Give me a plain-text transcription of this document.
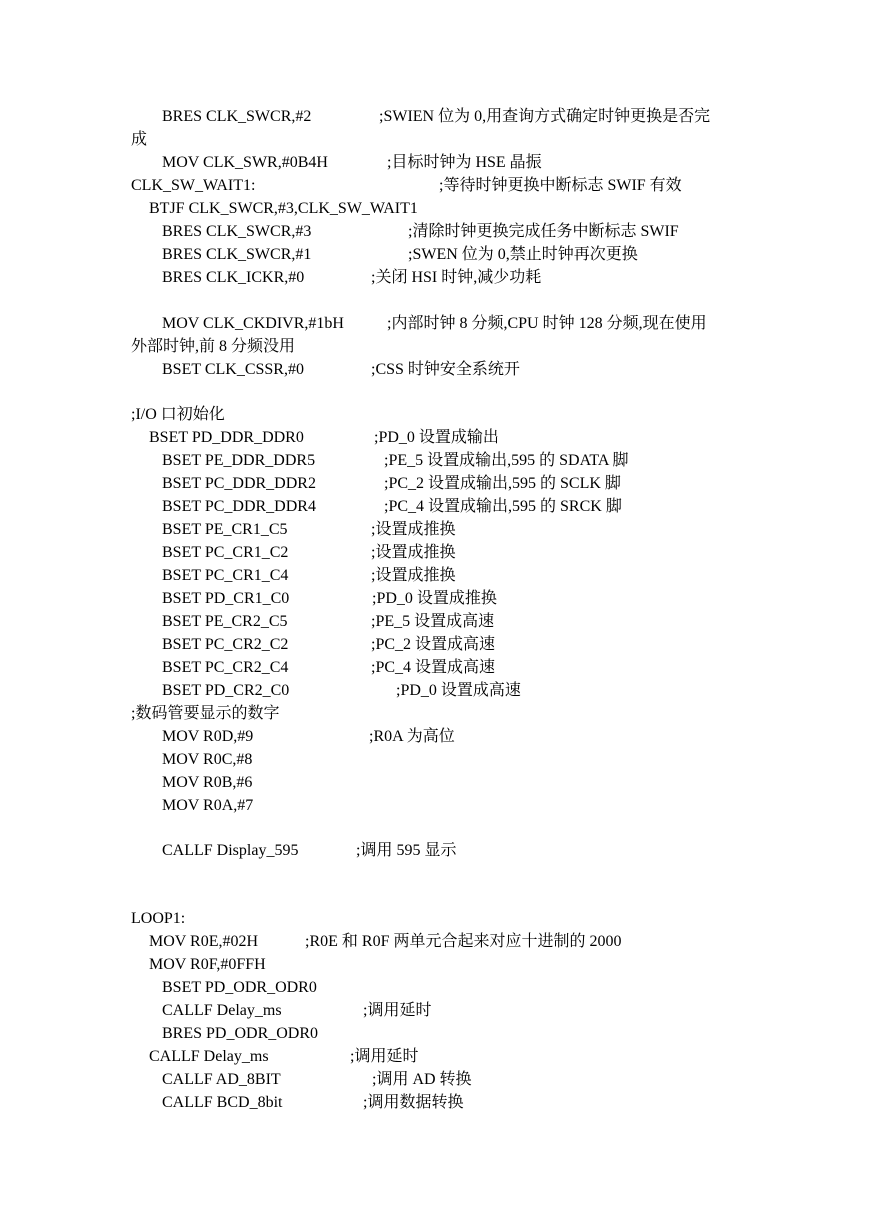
BRES CLK_SWCR,#2	;SWIEN 位为 0,用查询方式确定时钟更换是否完
成
MOV CLK_SWR,#0B4H	;目标时钟为 HSE 晶振
CLK_SW_WAIT1:	;等待时钟更换中断标志 SWIF 有效
BTJF CLK_SWCR,#3,CLK_SW_WAIT1
BRES CLK_SWCR,#3	;清除时钟更换完成任务中断标志 SWIF
BRES CLK_SWCR,#1	;SWEN 位为 0,禁止时钟再次更换
BRES CLK_ICKR,#0	;关闭 HSI 时钟,减少功耗
MOV CLK_CKDIVR,#1bH	;内部时钟 8 分频,CPU 时钟 128 分频,现在使用
外部时钟,前 8 分频没用
BSET CLK_CSSR,#0	;CSS 时钟安全系统开
;I/O 口初始化
BSET PD_DDR_DDR0	;PD_0 设置成输出
BSET PE_DDR_DDR5	;PE_5 设置成输出,595 的 SDATA 脚
BSET PC_DDR_DDR2	;PC_2 设置成输出,595 的 SCLK 脚
BSET PC_DDR_DDR4	;PC_4 设置成输出,595 的 SRCK 脚
BSET PE_CR1_C5	;设置成推换
BSET PC_CR1_C2	;设置成推换
BSET PC_CR1_C4	;设置成推换
BSET PD_CR1_C0	;PD_0 设置成推换
BSET PE_CR2_C5	;PE_5 设置成高速
BSET PC_CR2_C2	;PC_2 设置成高速
BSET PC_CR2_C4	;PC_4 设置成高速
BSET PD_CR2_C0	;PD_0 设置成高速
;数码管要显示的数字
MOV R0D,#9	;R0A 为高位
MOV R0C,#8
MOV R0B,#6
MOV R0A,#7
CALLF Display_595	;调用 595 显示
LOOP1:
MOV R0E,#02H	;R0E 和 R0F 两单元合起来对应十进制的 2000
MOV R0F,#0FFH
BSET PD_ODR_ODR0
CALLF Delay_ms	;调用延时
BRES PD_ODR_ODR0
CALLF Delay_ms	;调用延时
CALLF AD_8BIT	;调用 AD 转换
CALLF BCD_8bit	;调用数据转换
